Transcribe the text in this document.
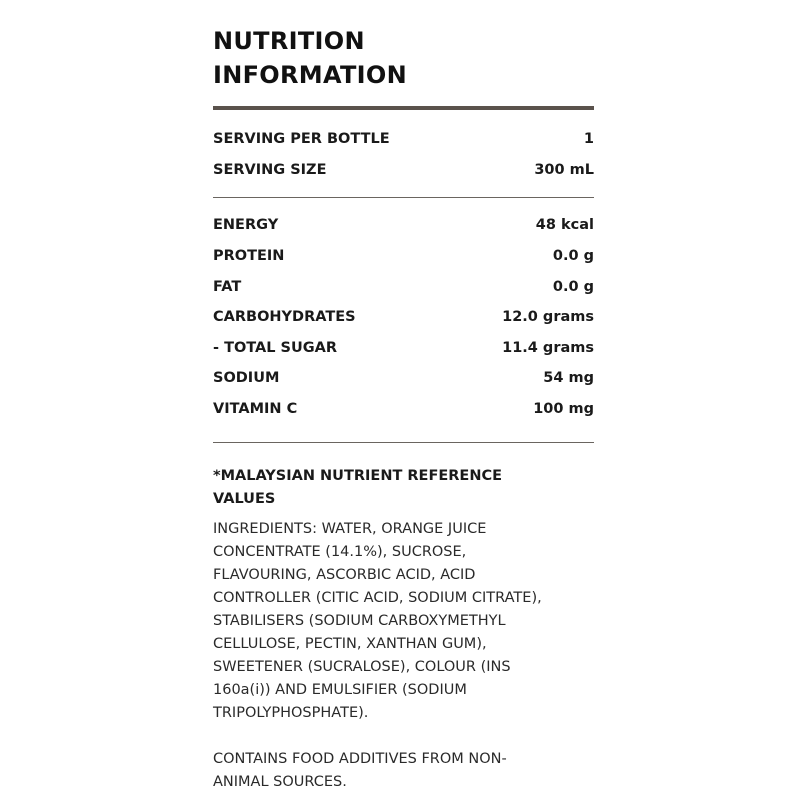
NUTRITION
INFORMATION
SERVING PER BOTTLE	1
SERVING SIZE	300 mL
ENERGY	48 kcal
PROTEIN	0.0 g
FAT	0.0 g
CARBOHYDRATES	12.0 grams
- TOTAL SUGAR	11.4 grams
SODIUM	54 mg
VITAMIN C	100 mg
*MALAYSIAN NUTRIENT REFERENCE
VALUES
INGREDIENTS: WATER, ORANGE JUICE
CONCENTRATE (14.1%), SUCROSE,
FLAVOURING, ASCORBIC ACID, ACID
CONTROLLER (CITIC ACID, SODIUM CITRATE),
STABILISERS (SODIUM CARBOXYMETHYL
CELLULOSE, PECTIN, XANTHAN GUM),
SWEETENER (SUCRALOSE), COLOUR (INS
160a(i)) AND EMULSIFIER (SODIUM
TRIPOLYPHOSPHATE).
CONTAINS FOOD ADDITIVES FROM NON-
ANIMAL SOURCES.
